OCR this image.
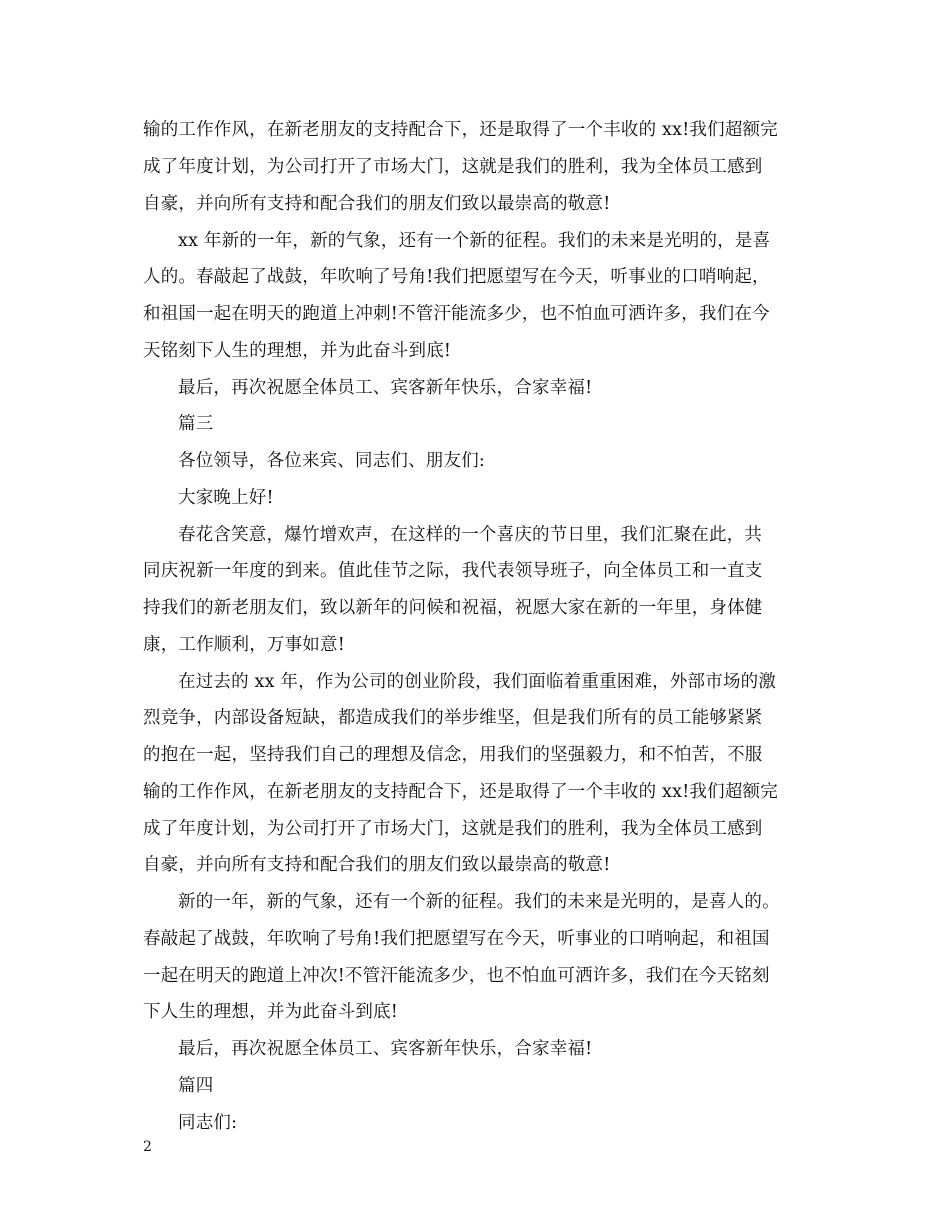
输的工作作风，在新老朋友的支持配合下，还是取得了一个丰收的 xx!我们超额完
成了年度计划，为公司打开了市场大门，这就是我们的胜利，我为全体员工感到
自豪，并向所有支持和配合我们的朋友们致以最崇高的敬意!
xx 年新的一年，新的气象，还有一个新的征程。我们的未来是光明的，是喜
人的。春敲起了战鼓，年吹响了号角!我们把愿望写在今天，听事业的口哨响起，
和祖国一起在明天的跑道上冲刺!不管汗能流多少，也不怕血可洒许多，我们在今
天铭刻下人生的理想，并为此奋斗到底!
最后，再次祝愿全体员工、宾客新年快乐，合家幸福!
篇三
各位领导，各位来宾、同志们、朋友们:
大家晚上好!
春花含笑意，爆竹增欢声，在这样的一个喜庆的节日里，我们汇聚在此，共
同庆祝新一年度的到来。值此佳节之际，我代表领导班子，向全体员工和一直支
持我们的新老朋友们，致以新年的问候和祝福，祝愿大家在新的一年里，身体健
康，工作顺利，万事如意!
在过去的 xx 年，作为公司的创业阶段，我们面临着重重困难，外部市场的激
烈竞争，内部设备短缺，都造成我们的举步维坚，但是我们所有的员工能够紧紧
的抱在一起，坚持我们自己的理想及信念，用我们的坚强毅力，和不怕苦，不服
输的工作作风，在新老朋友的支持配合下，还是取得了一个丰收的 xx!我们超额完
成了年度计划，为公司打开了市场大门，这就是我们的胜利，我为全体员工感到
自豪，并向所有支持和配合我们的朋友们致以最崇高的敬意!
新的一年，新的气象，还有一个新的征程。我们的未来是光明的，是喜人的。
春敲起了战鼓，年吹响了号角!我们把愿望写在今天，听事业的口哨响起，和祖国
一起在明天的跑道上冲次!不管汗能流多少，也不怕血可洒许多，我们在今天铭刻
下人生的理想，并为此奋斗到底!
最后，再次祝愿全体员工、宾客新年快乐，合家幸福!
篇四
同志们:
2
